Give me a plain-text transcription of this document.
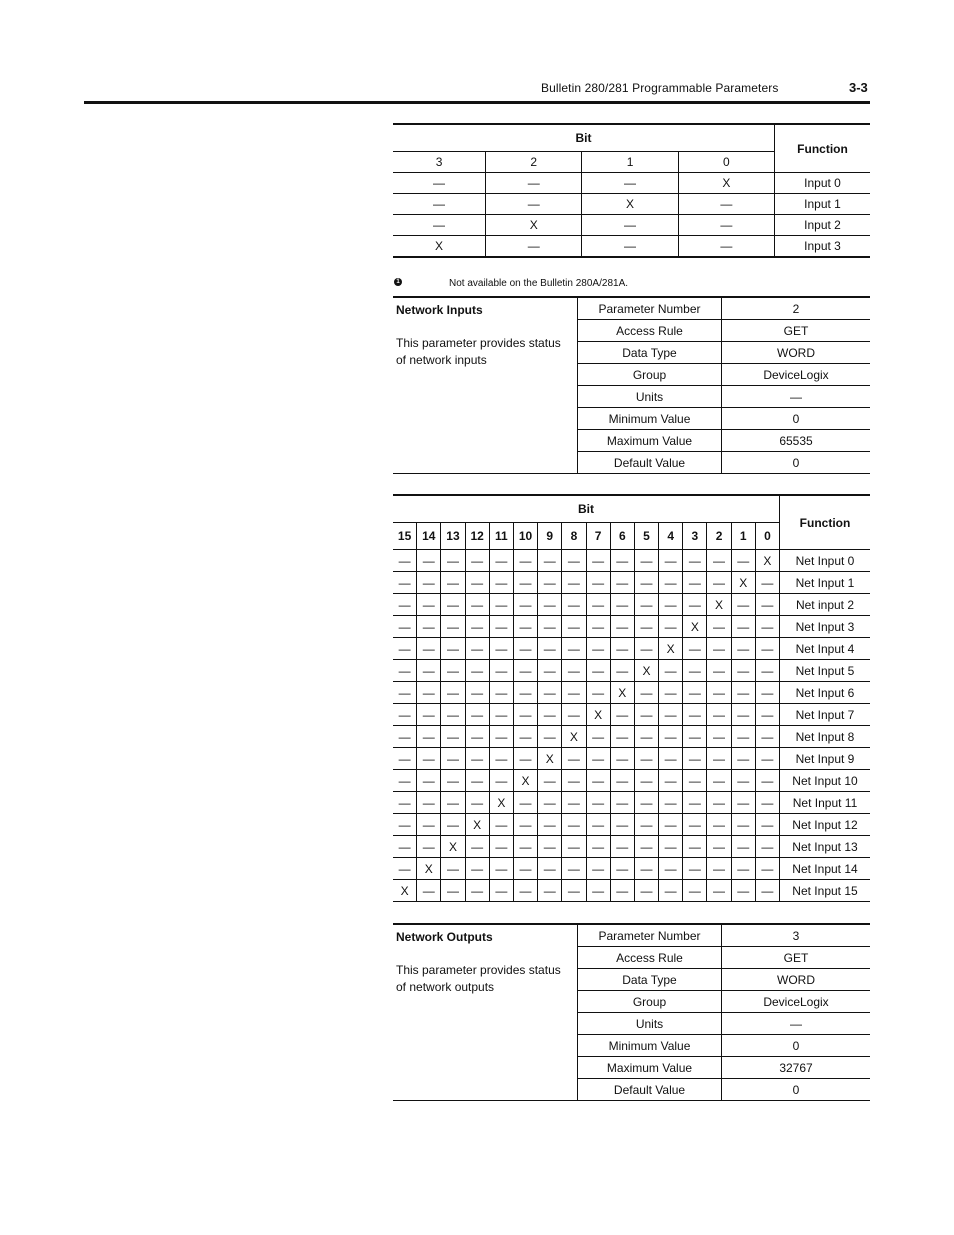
Bulletin 280/281 Programmable Parameters	3-3
Bit				Function
3	2	1	0	
—	—	—	X	Input 0
—	—	X	—	Input 1
—	X	—	—	Input 2
X	—	—	—	Input 3
1	Not available on the Bulletin 280A/281A.
Network Inputs
This parameter provides status of network inputs	Parameter Number	2
	Access Rule	GET
	Data Type	WORD
	Group	DeviceLogix
	Units	—
	Minimum Value	0
	Maximum Value	65535
	Default Value	0
Bit																Function
15	14	13	12	11	10	9	8	7	6	5	4	3	2	1	0	
—	—	—	—	—	—	—	—	—	—	—	—	—	—	—	X	Net Input 0
—	—	—	—	—	—	—	—	—	—	—	—	—	—	X	—	Net Input 1
—	—	—	—	—	—	—	—	—	—	—	—	—	X	—	—	Net input 2
—	—	—	—	—	—	—	—	—	—	—	—	X	—	—	—	Net Input 3
—	—	—	—	—	—	—	—	—	—	—	X	—	—	—	—	Net Input 4
—	—	—	—	—	—	—	—	—	—	X	—	—	—	—	—	Net Input 5
—	—	—	—	—	—	—	—	—	X	—	—	—	—	—	—	Net Input 6
—	—	—	—	—	—	—	—	X	—	—	—	—	—	—	—	Net Input 7
—	—	—	—	—	—	—	X	—	—	—	—	—	—	—	—	Net Input 8
—	—	—	—	—	—	X	—	—	—	—	—	—	—	—	—	Net Input 9
—	—	—	—	—	X	—	—	—	—	—	—	—	—	—	—	Net Input 10
—	—	—	—	X	—	—	—	—	—	—	—	—	—	—	—	Net Input 11
—	—	—	X	—	—	—	—	—	—	—	—	—	—	—	—	Net Input 12
—	—	X	—	—	—	—	—	—	—	—	—	—	—	—	—	Net Input 13
—	X	—	—	—	—	—	—	—	—	—	—	—	—	—	—	Net Input 14
X	—	—	—	—	—	—	—	—	—	—	—	—	—	—	—	Net Input 15
Network Outputs
This parameter provides status of network outputs	Parameter Number	3
	Access Rule	GET
	Data Type	WORD
	Group	DeviceLogix
	Units	—
	Minimum Value	0
	Maximum Value	32767
	Default Value	0
